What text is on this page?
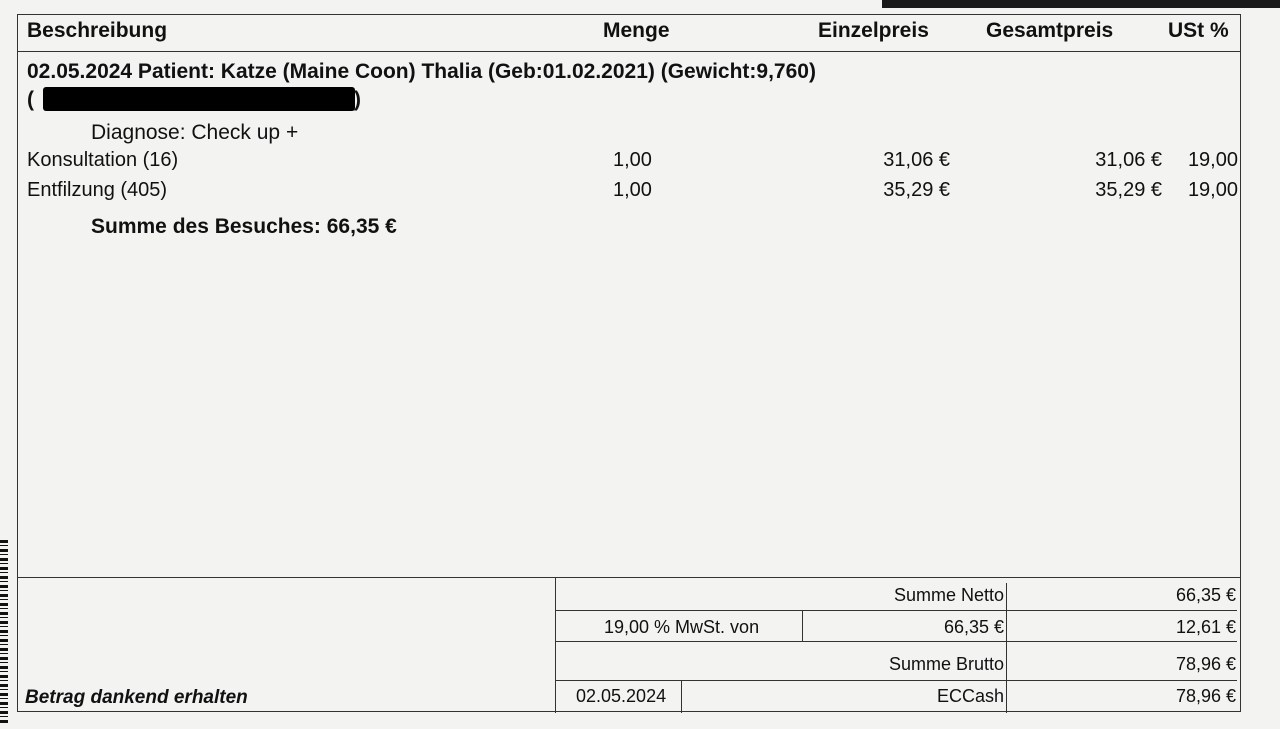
Beschreibung	Menge	Einzelpreis	Gesamtpreis	USt %
02.05.2024 Patient: Katze (Maine Coon) Thalia (Geb:01.02.2021) (Gewicht:9,760)
(	)
Diagnose: Check up +
Konsultation (16)	1,00	31,06 €	31,06 € 19,00
Entfilzung (405)	1,00	35,29 €	35,29 € 19,00
Summe des Besuches: 66,35 €
Summe Netto	66,35 €
19,00 % MwSt. von	66,35 €	12,61 €
Summe Brutto	78,96 €
02.05.2024	ECCash	78,96 €
Betrag dankend erhalten
